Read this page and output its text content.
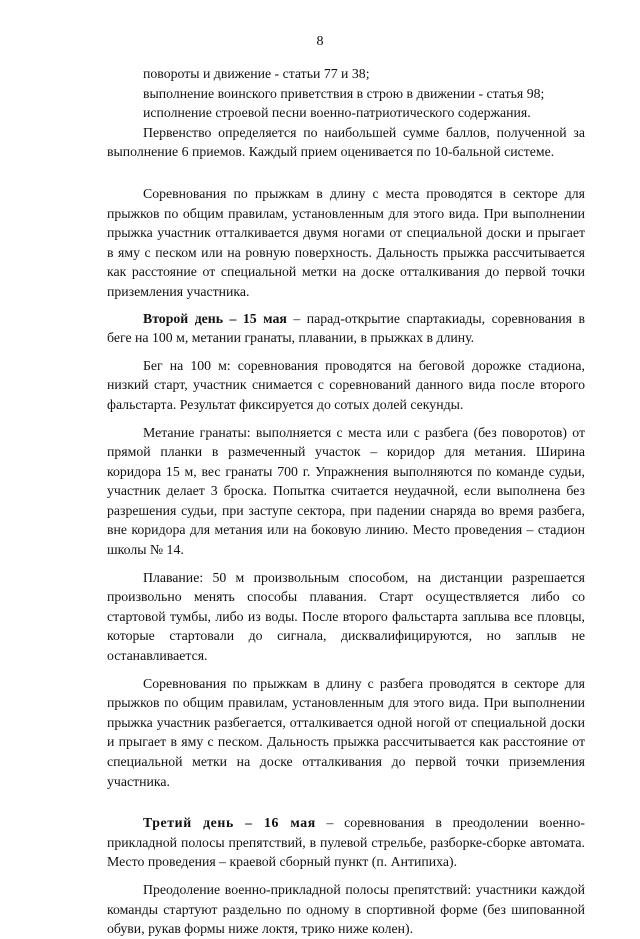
8
повороты и движение - статьи 77 и 38;
выполнение воинского приветствия в строю в движении - статья 98;
исполнение строевой песни военно-патриотического содержания.

Первенство определяется по наибольшей сумме баллов, полученной за выполнение 6 приемов. Каждый прием оценивается по 10-бальной системе.

Соревнования по прыжкам в длину с места проводятся в секторе для прыжков по общим правилам, установленным для этого вида. При выполнении прыжка участник отталкивается двумя ногами от специальной доски и прыгает в яму с песком или на ровную поверхность. Дальность прыжка рассчитывается как расстояние от специальной метки на доске отталкивания до первой точки приземления участника.

Второй день – 15 мая – парад-открытие спартакиады, соревнования в беге на 100 м, метании гранаты, плавании, в прыжках в длину.

Бег на 100 м: соревнования проводятся на беговой дорожке стадиона, низкий старт, участник снимается с соревнований данного вида после второго фальстарта. Результат фиксируется до сотых долей секунды.

Метание гранаты: выполняется с места или с разбега (без поворотов) от прямой планки в размеченный участок – коридор для метания. Ширина коридора 15 м, вес гранаты 700 г. Упражнения выполняются по команде судьи, участник делает 3 броска. Попытка считается неудачной, если выполнена без разрешения судьи, при заступе сектора, при падении снаряда во время разбега, вне коридора для метания или на боковую линию. Место проведения – стадион школы № 14.

Плавание: 50 м произвольным способом, на дистанции разрешается произвольно менять способы плавания. Старт осуществляется либо со стартовой тумбы, либо из воды. После второго фальстарта заплыва все пловцы, которые стартовали до сигнала, дисквалифицируются, но заплыв не останавливается.

Соревнования по прыжкам в длину с разбега проводятся в секторе для прыжков по общим правилам, установленным для этого вида. При выполнении прыжка участник разбегается, отталкивается одной ногой от специальной доски и прыгает в яму с песком. Дальность прыжка рассчитывается как расстояние от специальной метки на доске отталкивания до первой точки приземления участника.

Третий день – 16 мая – соревнования в преодолении военно-прикладной полосы препятствий, в пулевой стрельбе, разборке-сборке автомата. Место проведения – краевой сборный пункт (п. Антипиха).

Преодоление военно-прикладной полосы препятствий: участники каждой команды стартуют раздельно по одному в спортивной форме (без шипованной обуви, рукав формы ниже локтя, трико ниже колен).
